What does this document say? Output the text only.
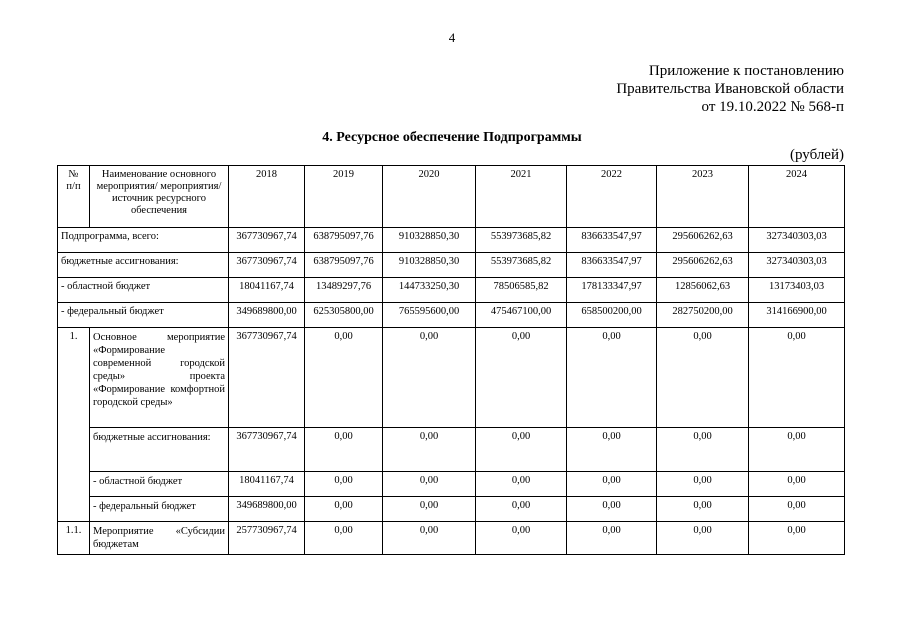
4
Приложение к постановлению
Правительства Ивановской области
от 19.10.2022 № 568-п
4. Ресурсное обеспечение Подпрограммы
(рублей)
№
п/п	Наименование основного мероприятия/ мероприятия/источник ресурсного обеспечения	2018	2019	2020	2021	2022	2023	2024
Подпрограмма, всего:		367730967,74	638795097,76	910328850,30	553973685,82	836633547,97	295606262,63	327340303,03
бюджетные ассигнования:		367730967,74	638795097,76	910328850,30	553973685,82	836633547,97	295606262,63	327340303,03
- областной бюджет		18041167,74	13489297,76	144733250,30	78506585,82	178133347,97	12856062,63	13173403,03
- федеральный бюджет		349689800,00	625305800,00	765595600,00	475467100,00	658500200,00	282750200,00	314166900,00
1.	Основное мероприятие «Формирование современной городской среды» проекта «Формирование комфортной городской среды»	367730967,74	0,00	0,00	0,00	0,00	0,00	0,00
	бюджетные ассигнования:	367730967,74	0,00	0,00	0,00	0,00	0,00	0,00
	- областной бюджет	18041167,74	0,00	0,00	0,00	0,00	0,00	0,00
	- федеральный бюджет	349689800,00	0,00	0,00	0,00	0,00	0,00	0,00
1.1.	Мероприятие «Субсидии бюджетам	257730967,74	0,00	0,00	0,00	0,00	0,00	0,00
